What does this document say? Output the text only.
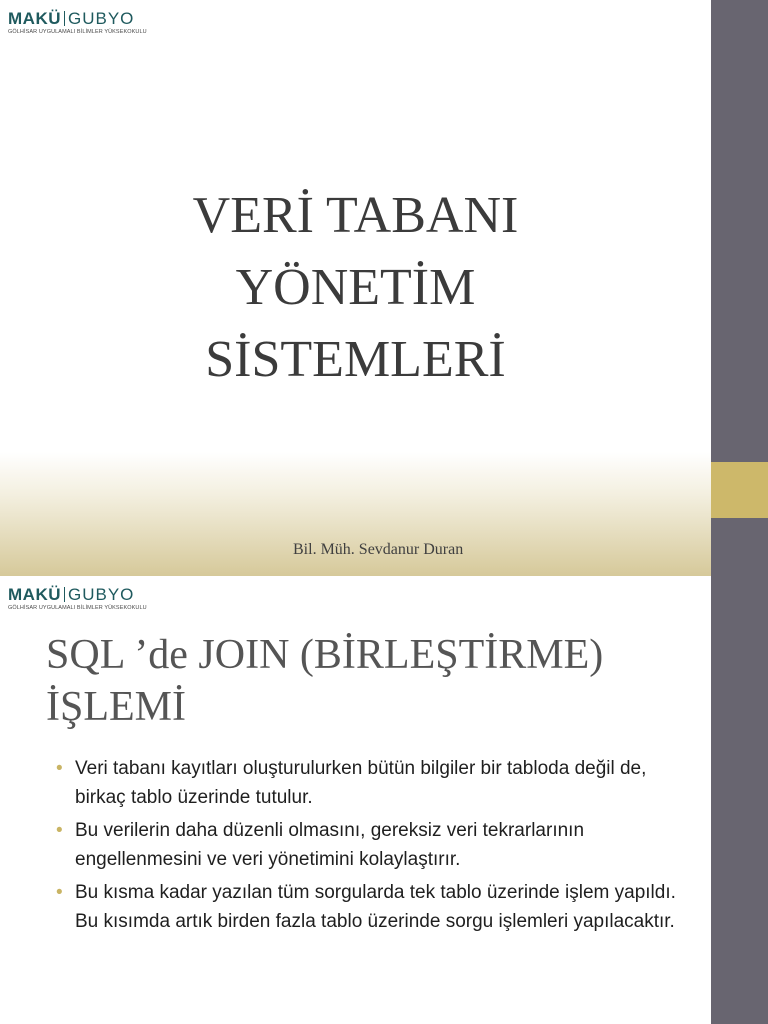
MAKÜ GUBYO
GÖLHİSAR UYGULAMALI BİLİMLER YÜKSEKOKULU
VERİ TABANI
YÖNETİM
SİSTEMLERİ
Bil. Müh. Sevdanur Duran
MAKÜ GUBYO
GÖLHİSAR UYGULAMALI BİLİMLER YÜKSEKOKULU
SQL ’de JOIN (BİRLEŞTİRME)
İŞLEMİ
• Veri tabanı kayıtları oluşturulurken bütün bilgiler bir tabloda değil de, birkaç tablo üzerinde tutulur.
• Bu verilerin daha düzenli olmasını, gereksiz veri tekrarlarının engellenmesini ve veri yönetimini kolaylaştırır.
• Bu kısma kadar yazılan tüm sorgularda tek tablo üzerinde işlem yapıldı. Bu kısımda artık birden fazla tablo üzerinde sorgu işlemleri yapılacaktır.
